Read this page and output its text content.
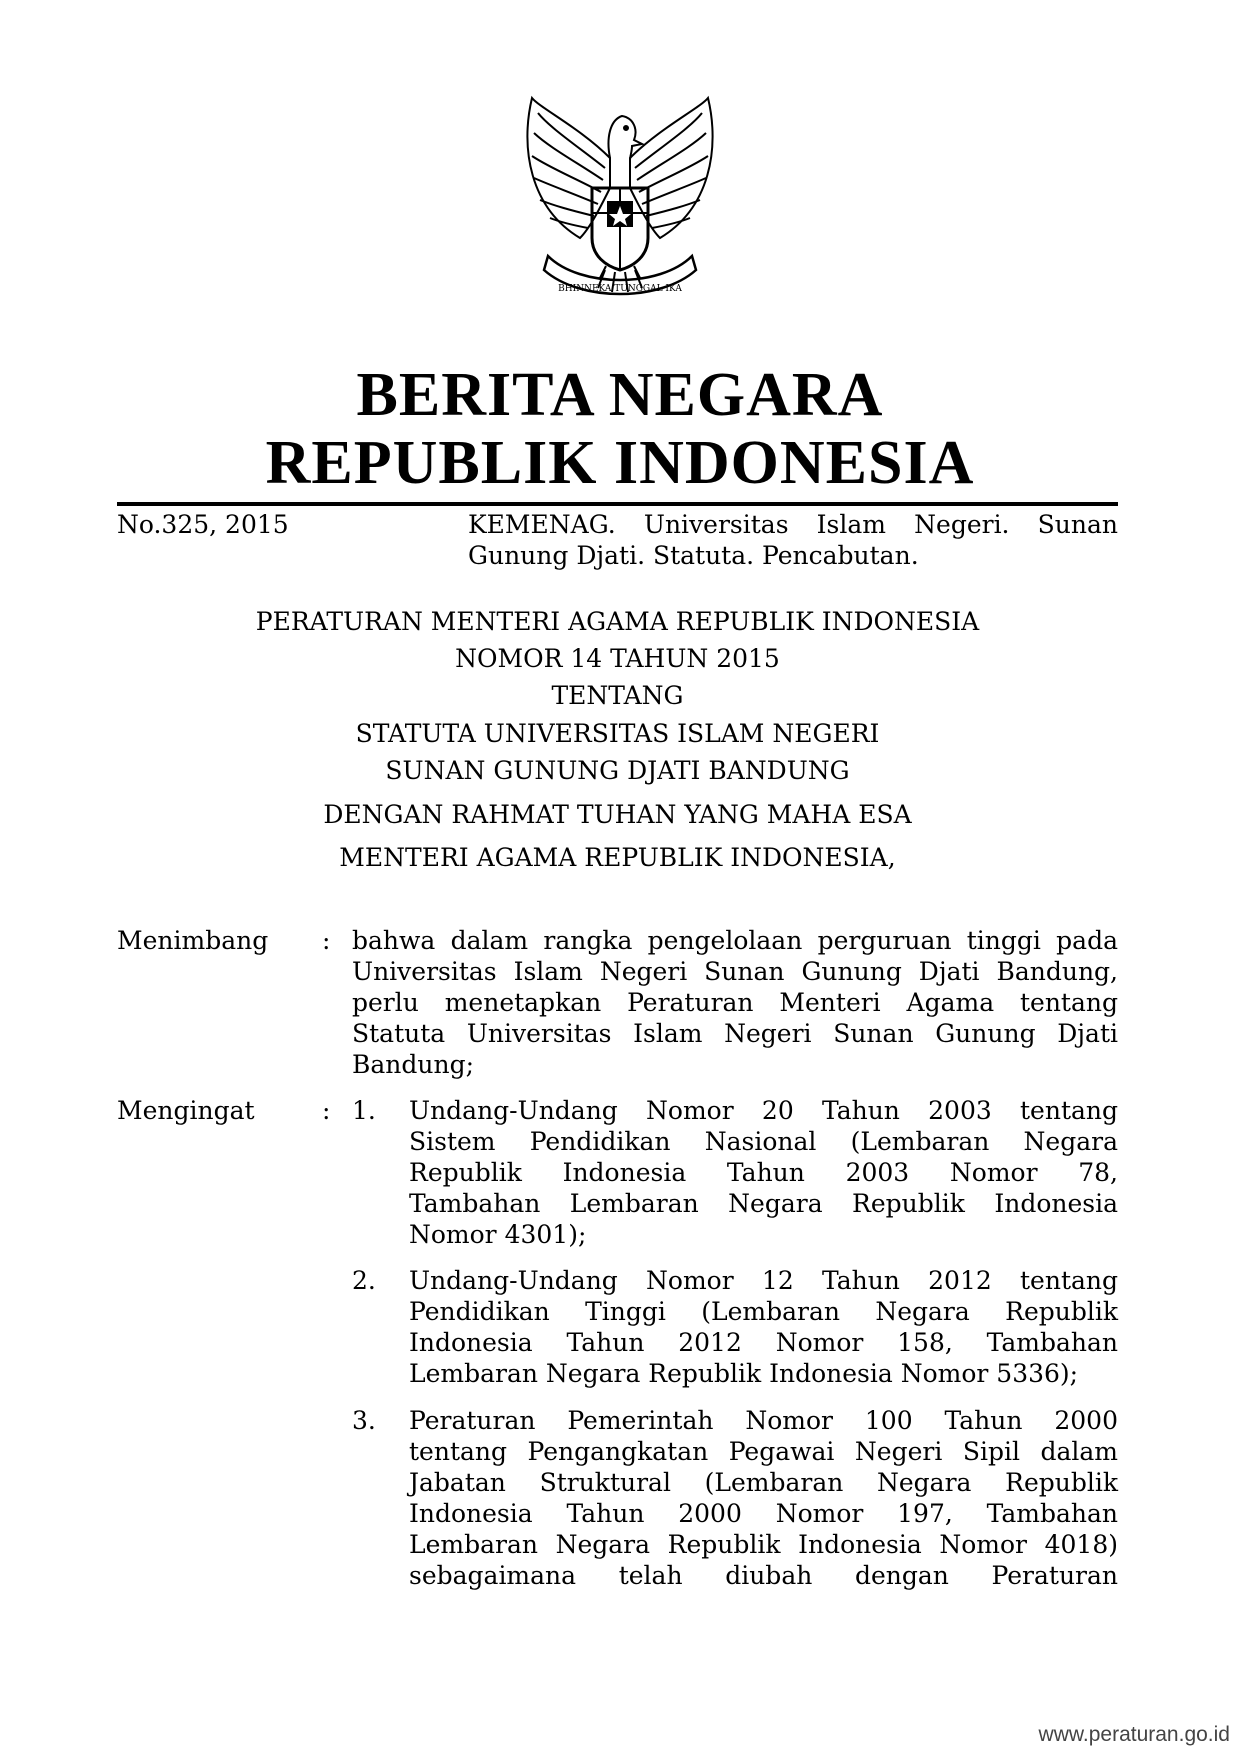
BHINNEKA TUNGGAL IKA
BERITA NEGARA
REPUBLIK INDONESIA
No.325, 2015	KEMENAG. Universitas Islam Negeri. Sunan
Gunung Djati. Statuta. Pencabutan.

PERATURAN MENTERI AGAMA REPUBLIK INDONESIA

NOMOR 14 TAHUN 2015

TENTANG

STATUTA UNIVERSITAS ISLAM NEGERI

SUNAN GUNUNG DJATI BANDUNG

DENGAN RAHMAT TUHAN YANG MAHA ESA

MENTERI AGAMA REPUBLIK INDONESIA,

Menimbang : bahwa dalam rangka pengelolaan perguruan tinggi pada
Universitas Islam Negeri Sunan Gunung Djati Bandung,
perlu menetapkan Peraturan Menteri Agama tentang
Statuta Universitas Islam Negeri Sunan Gunung Djati
Bandung;
Mengingat	: 1. Undang-Undang Nomor 20 Tahun 2003 tentang
Sistem Pendidikan Nasional (Lembaran Negara
Republik Indonesia Tahun 2003 Nomor 78,
Tambahan Lembaran Negara Republik Indonesia
Nomor 4301);
2. Undang-Undang Nomor 12 Tahun 2012 tentang
Pendidikan Tinggi (Lembaran Negara Republik
Indonesia Tahun 2012 Nomor 158, Tambahan
Lembaran Negara Republik Indonesia Nomor 5336);
3. Peraturan Pemerintah Nomor 100 Tahun 2000
tentang Pengangkatan Pegawai Negeri Sipil dalam
Jabatan Struktural (Lembaran Negara Republik
Indonesia Tahun 2000 Nomor 197, Tambahan
Lembaran Negara Republik Indonesia Nomor 4018)
sebagaimana telah diubah dengan Peraturan
www.peraturan.go.id
